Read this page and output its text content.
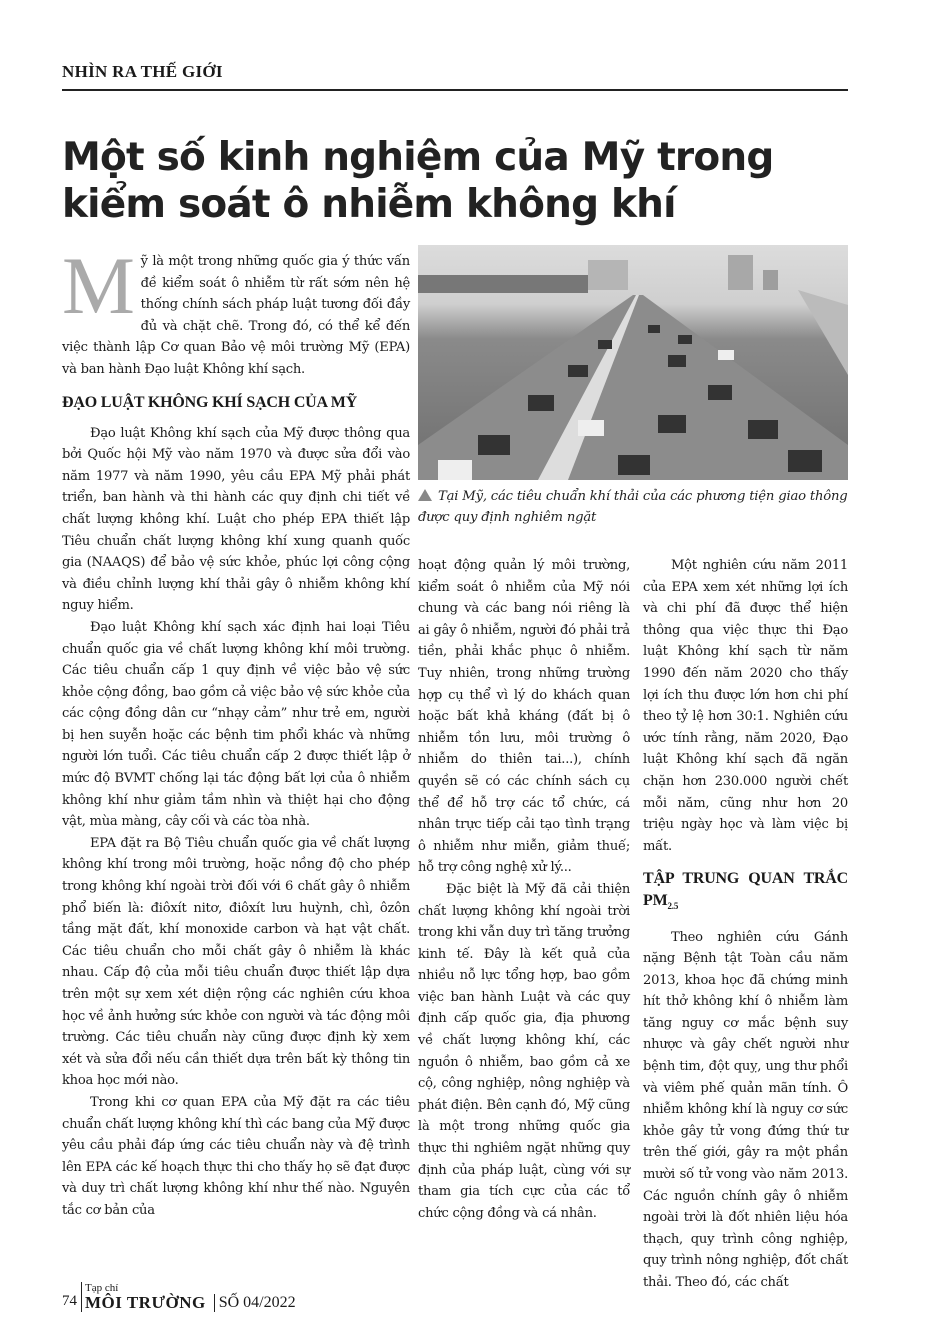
NHÌN RA THẾ GIỚI
Một số kinh nghiệm của Mỹ trong kiểm soát ô nhiễm không khí

Mỹ là một trong những quốc gia ý thức vấn đề kiểm soát ô nhiễm từ rất sớm nên hệ thống chính sách pháp luật tương đối đầy đủ và chặt chẽ. Trong đó, có thể kể đến việc thành lập Cơ quan Bảo vệ môi trường Mỹ (EPA) và ban hành Đạo luật Không khí sạch.

ĐẠO LUẬT KHÔNG KHÍ SẠCH CỦA MỸ

Đạo luật Không khí sạch của Mỹ được thông qua bởi Quốc hội Mỹ vào năm 1970 và được sửa đổi vào năm 1977 và năm 1990, yêu cầu EPA Mỹ phải phát triển, ban hành và thi hành các quy định chi tiết về chất lượng không khí. Luật cho phép EPA thiết lập Tiêu chuẩn chất lượng không khí xung quanh quốc gia (NAAQS) để bảo vệ sức khỏe, phúc lợi công cộng và điều chỉnh lượng khí thải gây ô nhiễm không khí nguy hiểm.

Đạo luật Không khí sạch xác định hai loại Tiêu chuẩn quốc gia về chất lượng không khí môi trường. Các tiêu chuẩn cấp 1 quy định về việc bảo vệ sức khỏe cộng đồng, bao gồm cả việc bảo vệ sức khỏe của các cộng đồng dân cư “nhạy cảm” như trẻ em, người bị hen suyễn hoặc các bệnh tim phổi khác và những người lớn tuổi. Các tiêu chuẩn cấp 2 được thiết lập ở mức độ BVMT chống lại tác động bất lợi của ô nhiễm không khí như giảm tầm nhìn và thiệt hại cho động vật, mùa màng, cây cối và các tòa nhà.

EPA đặt ra Bộ Tiêu chuẩn quốc gia về chất lượng không khí trong môi trường, hoặc nồng độ cho phép trong không khí ngoài trời đối với 6 chất gây ô nhiễm phổ biến là: điôxít nitơ, điôxít lưu huỳnh, chì, ôzôn tầng mặt đất, khí monoxide carbon và hạt vật chất. Các tiêu chuẩn cho mỗi chất gây ô nhiễm là khác nhau. Cấp độ của mỗi tiêu chuẩn được thiết lập dựa trên một sự xem xét diện rộng các nghiên cứu khoa học về ảnh hưởng sức khỏe con người và tác động môi trường. Các tiêu chuẩn này cũng được định kỳ xem xét và sửa đổi nếu cần thiết dựa trên bất kỳ thông tin khoa học mới nào.

Trong khi cơ quan EPA của Mỹ đặt ra các tiêu chuẩn chất lượng không khí thì các bang của Mỹ được yêu cầu phải đáp ứng các tiêu chuẩn này và đệ trình lên EPA các kế hoạch thực thi cho thấy họ sẽ đạt được và duy trì chất lượng không khí như thế nào. Nguyên tắc cơ bản của

Tại Mỹ, các tiêu chuẩn khí thải của các phương tiện giao thông được quy định nghiêm ngặt

hoạt động quản lý môi trường, kiểm soát ô nhiễm của Mỹ nói chung và các bang nói riêng là ai gây ô nhiễm, người đó phải trả tiền, phải khắc phục ô nhiễm. Tuy nhiên, trong những trường hợp cụ thể vì lý do khách quan hoặc bất khả kháng (đất bị ô nhiễm tồn lưu, môi trường ô nhiễm do thiên tai...), chính quyền sẽ có các chính sách cụ thể để hỗ trợ các tổ chức, cá nhân trực tiếp cải tạo tình trạng ô nhiễm như miễn, giảm thuế; hỗ trợ công nghệ xử lý...

Đặc biệt là Mỹ đã cải thiện chất lượng không khí ngoài trời trong khi vẫn duy trì tăng trưởng kinh tế. Đây là kết quả của nhiều nỗ lực tổng hợp, bao gồm việc ban hành Luật và các quy định cấp quốc gia, địa phương về chất lượng không khí, các nguồn ô nhiễm, bao gồm cả xe cộ, công nghiệp, nông nghiệp và phát điện. Bên cạnh đó, Mỹ cũng là một trong những quốc gia thực thi nghiêm ngặt những quy định của pháp luật, cùng với sự tham gia tích cực của các tổ chức cộng đồng và cá nhân.

Một nghiên cứu năm 2011 của EPA xem xét những lợi ích và chi phí đã được thể hiện thông qua việc thực thi Đạo luật Không khí sạch từ năm 1990 đến năm 2020 cho thấy lợi ích thu được lớn hơn chi phí theo tỷ lệ hơn 30:1. Nghiên cứu ước tính rằng, năm 2020, Đạo luật Không khí sạch đã ngăn chặn hơn 230.000 người chết mỗi năm, cũng như hơn 20 triệu ngày học và làm việc bị mất.

TẬP TRUNG QUAN TRẮC $PM_{2.5}$

Theo nghiên cứu Gánh nặng Bệnh tật Toàn cầu năm 2013, khoa học đã chứng minh hít thở không khí ô nhiễm làm tăng nguy cơ mắc bệnh suy nhược và gây chết người như bệnh tim, đột quỵ, ung thư phổi và viêm phế quản mãn tính. Ô nhiễm không khí là nguy cơ sức khỏe gây tử vong đứng thứ tư trên thế giới, gây ra một phần mười số tử vong vào năm 2013. Các nguồn chính gây ô nhiễm ngoài trời là đốt nhiên liệu hóa thạch, quy trình công nghiệp, quy trình nông nghiệp, đốt chất thải. Theo đó, các chất

74
Tạp chí
MÔI TRƯỜNG SỐ 04/2022
